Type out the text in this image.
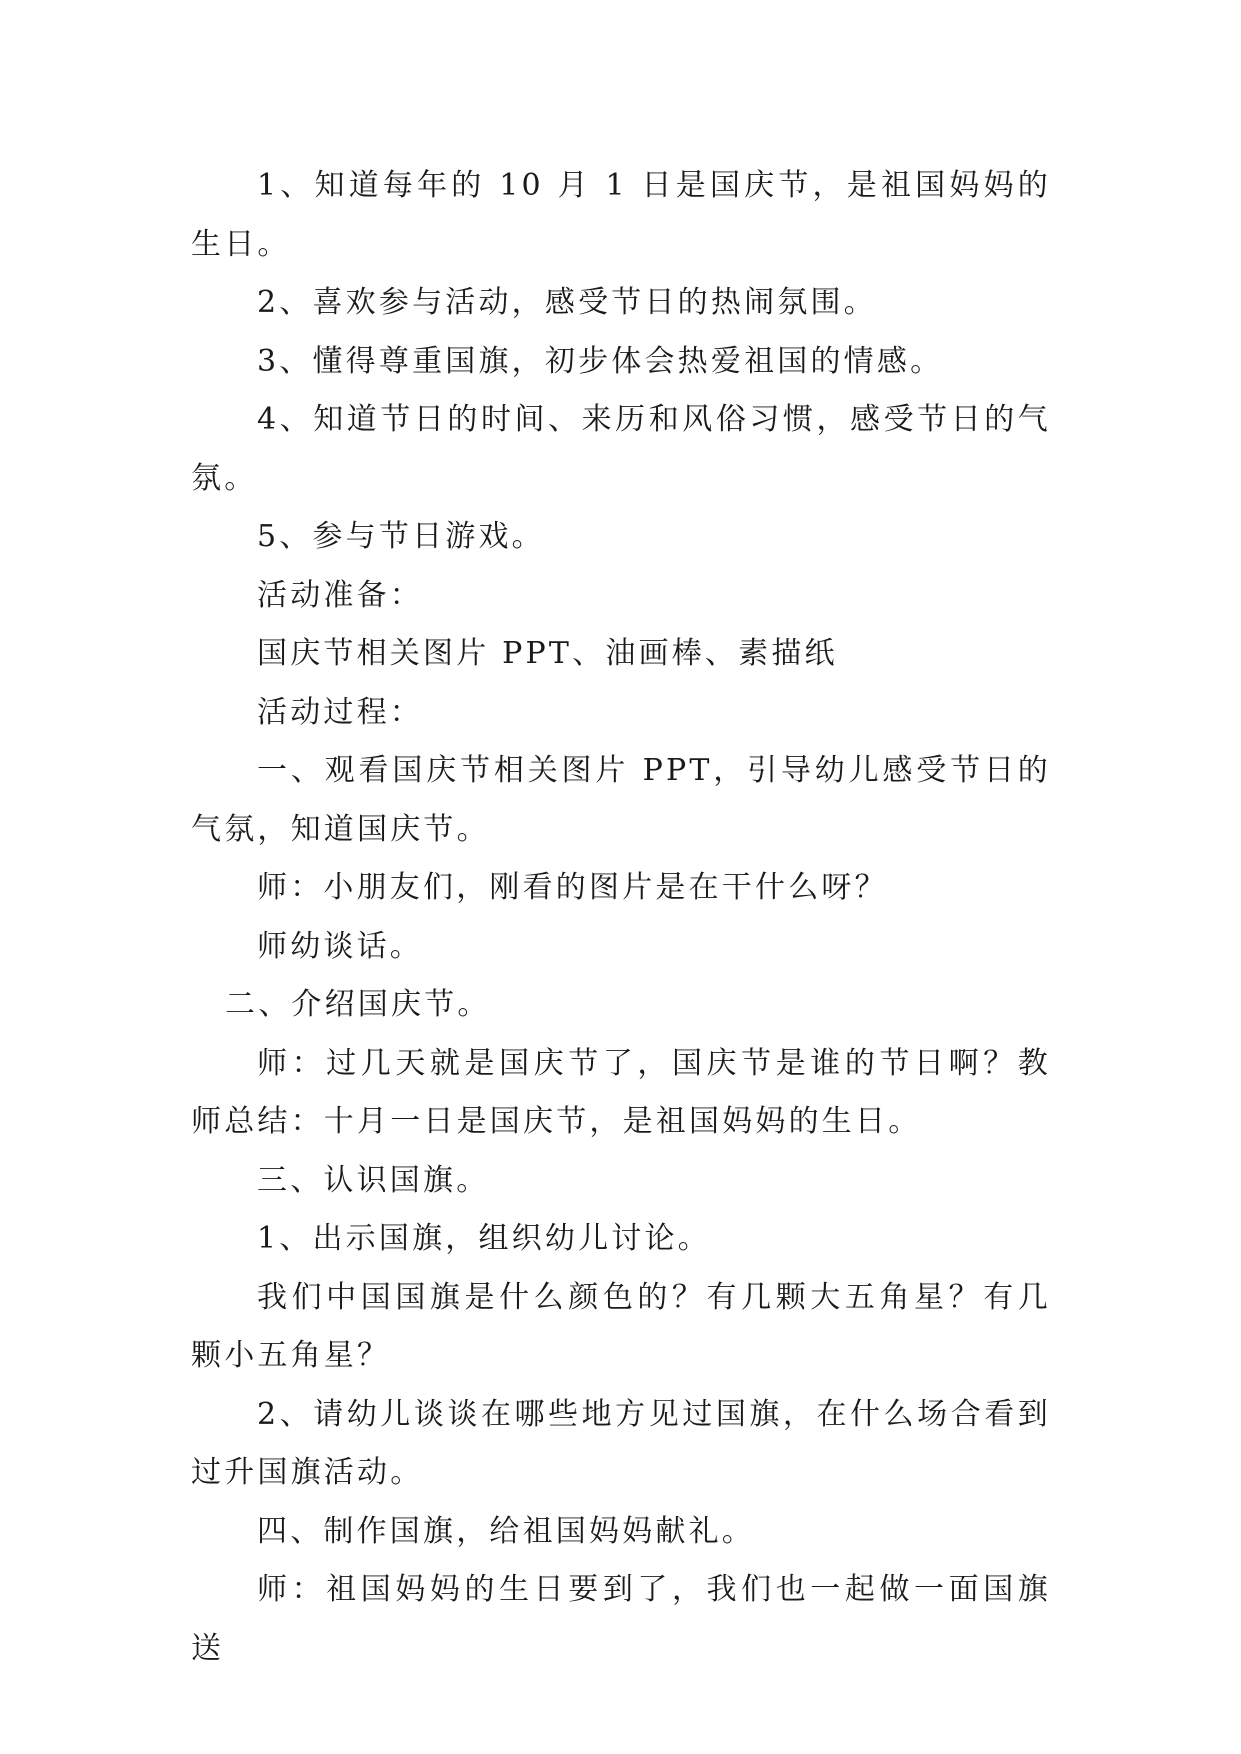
1、知道每年的 10 月 1 日是国庆节，是祖国妈妈的生日。

2、喜欢参与活动，感受节日的热闹氛围。

3、懂得尊重国旗，初步体会热爱祖国的情感。

4、知道节日的时间、来历和风俗习惯，感受节日的气氛。

5、参与节日游戏。

活动准备：

国庆节相关图片 PPT、油画棒、素描纸

活动过程：

一、观看国庆节相关图片 PPT，引导幼儿感受节日的气氛，知道国庆节。

师：小朋友们，刚看的图片是在干什么呀？

师幼谈话。

二、介绍国庆节。

师：过几天就是国庆节了，国庆节是谁的节日啊？教师总结：十月一日是国庆节，是祖国妈妈的生日。

三、认识国旗。

1、出示国旗，组织幼儿讨论。

我们中国国旗是什么颜色的？有几颗大五角星？有几颗小五角星？

2、请幼儿谈谈在哪些地方见过国旗，在什么场合看到过升国旗活动。

四、制作国旗，给祖国妈妈献礼。

师：祖国妈妈的生日要到了，我们也一起做一面国旗送
